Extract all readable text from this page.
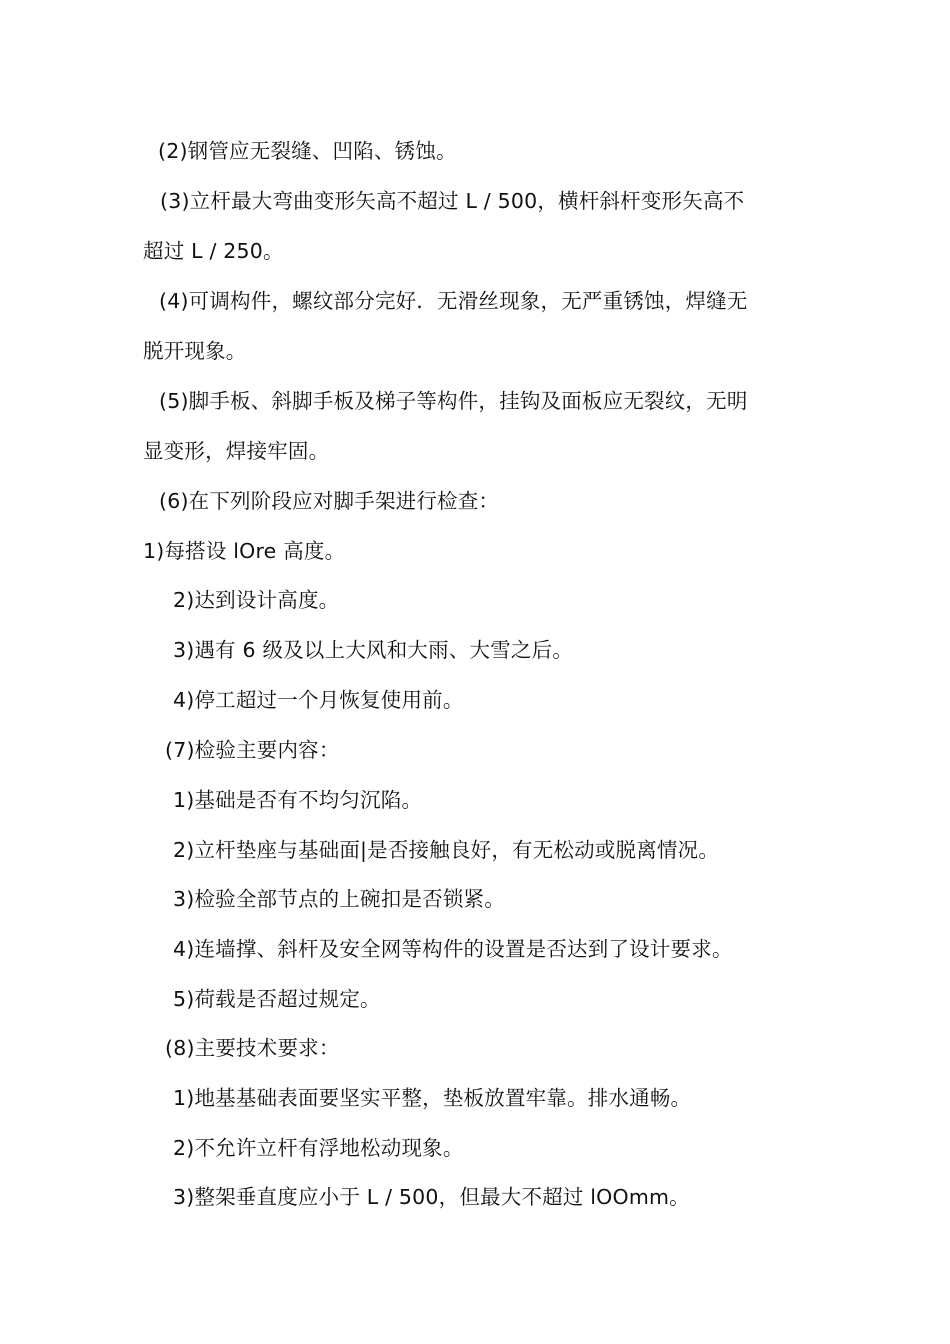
(2)钢管应无裂缝、凹陷、锈蚀。
(3)立杆最大弯曲变形矢高不超过 L / 500，横杆斜杆变形矢高不
超过 L / 250。
(4)可调构件，螺纹部分完好．无滑丝现象，无严重锈蚀，焊缝无
脱开现象。
(5)脚手板、斜脚手板及梯子等构件，挂钩及面板应无裂纹，无明
显变形，焊接牢固。
(6)在下列阶段应对脚手架进行检查：
1)每搭设 lOre 高度。
2)达到设计高度。
3)遇有 6 级及以上大风和大雨、大雪之后。
4)停工超过一个月恢复使用前。
(7)检验主要内容：
1)基础是否有不均匀沉陷。
2)立杆垫座与基础面|是否接触良好，有无松动或脱离情况。
3)检验全部节点的上碗扣是否锁紧。
4)连墙撑、斜杆及安全网等构件的设置是否达到了设计要求。
5)荷载是否超过规定。
(8)主要技术要求：
1)地基基础表面要坚实平整，垫板放置牢靠。排水通畅。
2)不允许立杆有浮地松动现象。
3)整架垂直度应小于 L / 500，但最大不超过 lOOmm。
